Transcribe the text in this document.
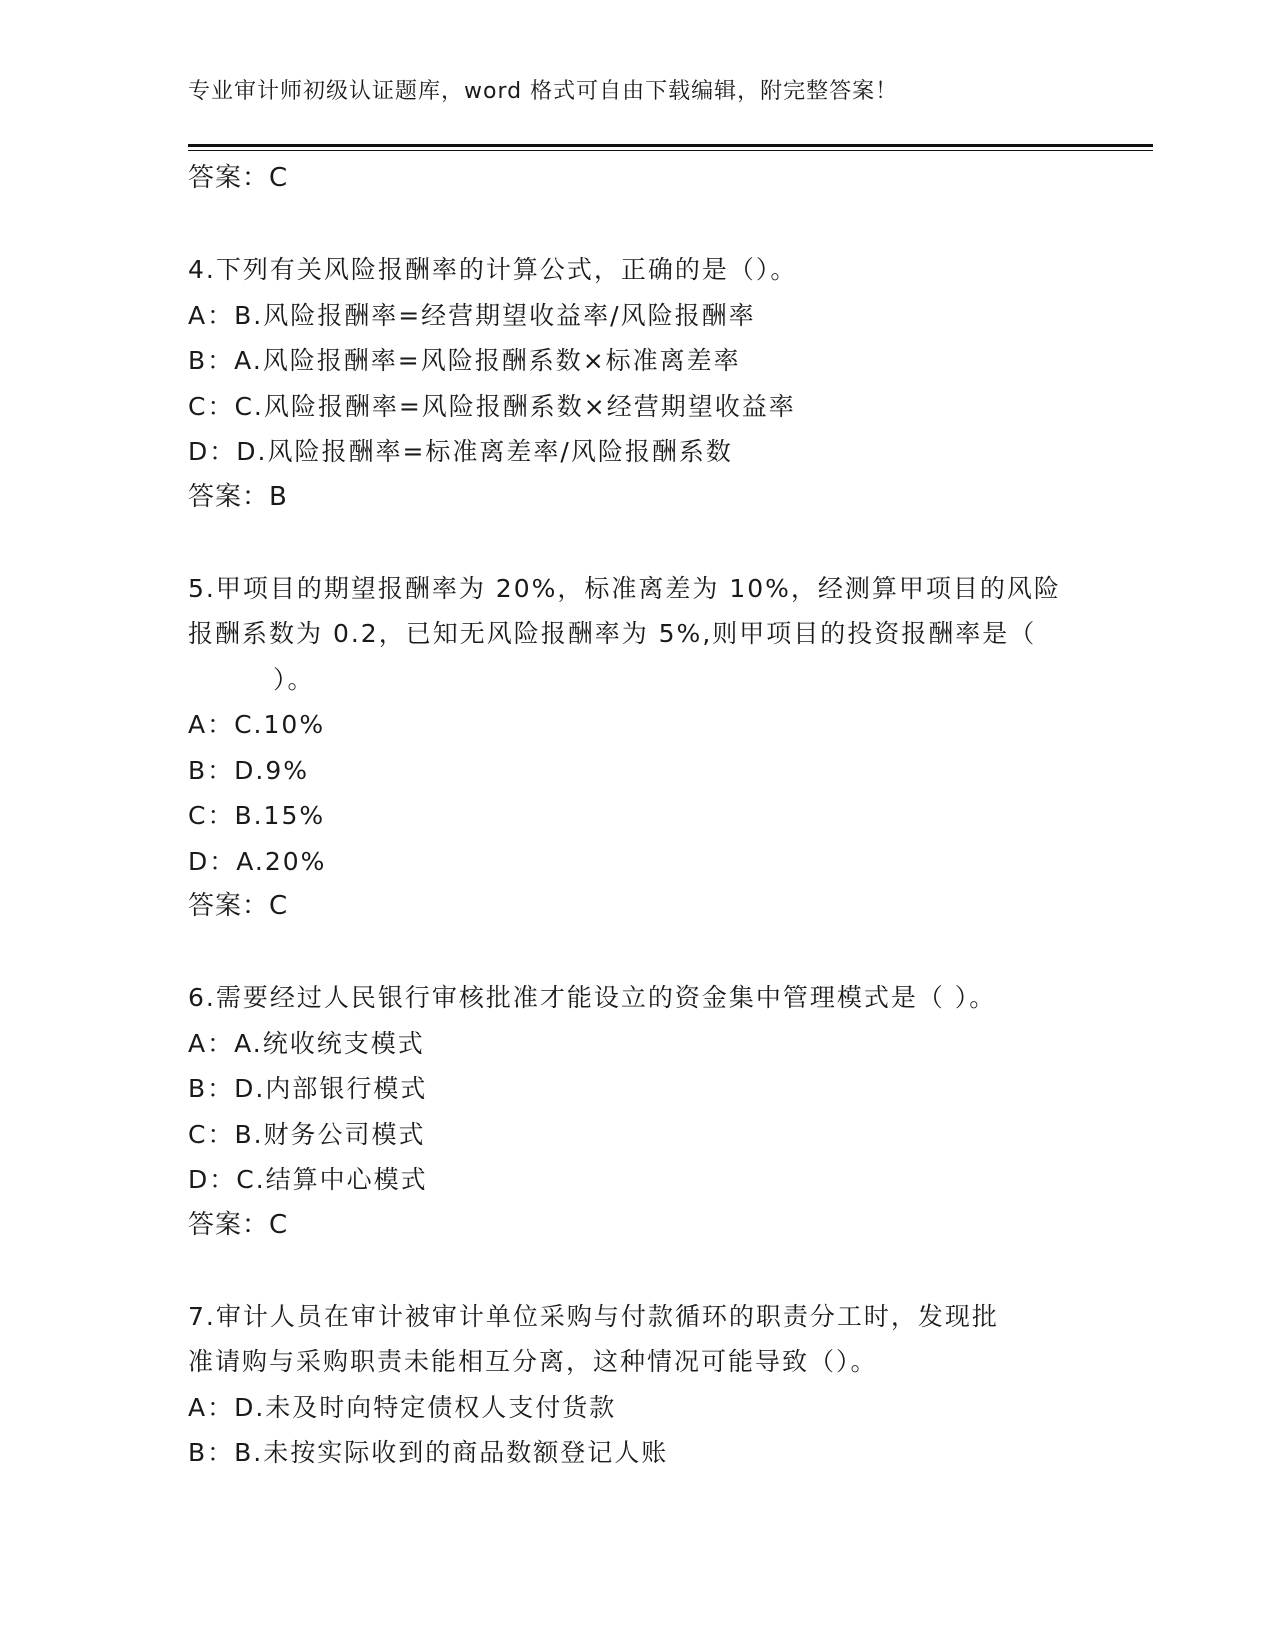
专业审计师初级认证题库，word 格式可自由下载编辑，附完整答案！
答案：C
4.下列有关风险报酬率的计算公式，正确的是（）。
A：B.风险报酬率=经营期望收益率/风险报酬率
B：A.风险报酬率=风险报酬系数×标准离差率
C：C.风险报酬率=风险报酬系数×经营期望收益率
D：D.风险报酬率=标准离差率/风险报酬系数
答案：B
5.甲项目的期望报酬率为 20%，标准离差为 10%，经测算甲项目的风险
报酬系数为 0.2，已知无风险报酬率为 5%,则甲项目的投资报酬率是（
）。
A：C.10%
B：D.9%
C：B.15%
D：A.20%
答案：C
6.需要经过人民银行审核批准才能设立的资金集中管理模式是（ ）。
A：A.统收统支模式
B：D.内部银行模式
C：B.财务公司模式
D：C.结算中心模式
答案：C
7.审计人员在审计被审计单位采购与付款循环的职责分工时，发现批
准请购与采购职责未能相互分离，这种情况可能导致（）。
A：D.未及时向特定债权人支付货款
B：B.未按实际收到的商品数额登记人账
